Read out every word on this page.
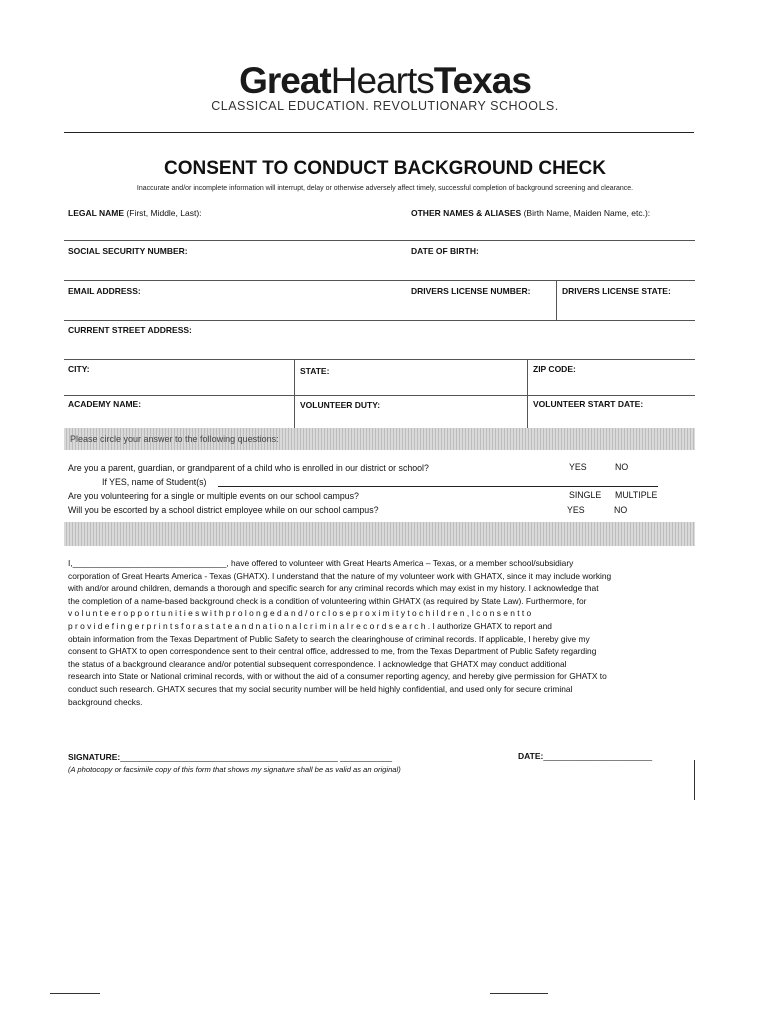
GreatHeartsTexas
CLASSICAL EDUCATION. REVOLUTIONARY SCHOOLS.
CONSENT TO CONDUCT BACKGROUND CHECK
Inaccurate and/or incomplete information will interrupt, delay or otherwise adversely affect timely, successful completion of background screening and clearance.
LEGAL NAME (First, Middle, Last):	OTHER NAMES & ALIASES (Birth Name, Maiden Name, etc.):
SOCIAL SECURITY NUMBER:	DATE OF BIRTH:
EMAIL ADDRESS:	DRIVERS LICENSE NUMBER:	DRIVERS LICENSE STATE:
CURRENT STREET ADDRESS:
CITY:	STATE:	ZIP CODE:
ACADEMY NAME:	VOLUNTEER DUTY:	VOLUNTEER START DATE:
Please circle your answer to the following questions:
Are you a parent, guardian, or grandparent of a child who is enrolled in our district or school?	YES	NO
If YES, name of Student(s)
Are you volunteering for a single or multiple events on our school campus?	SINGLE MULTIPLE
Will you be escorted by a school district employee while on our school campus?	YES	NO

I,_________________________________, have offered to volunteer with Great Hearts America – Texas, or a member school/subsidiary

corporation of Great Hearts America - Texas (GHATX). I understand that the nature of my volunteer work with GHATX, since it may include working

with and/or around children, demands a thorough and specific search for any criminal records which may exist in my history. I acknowledge that

the completion of a name-based background check is a condition of volunteering within GHATX (as required by State Law). Furthermore, for

v o l u n t e e r o p p o r t u n i t i e s w i t h p r o l o n g e d a n d / o r c l o s e p r o x i m i t y t o c h i l d r e n , I c o n s e n t t o

p r o v i d e f i n g e r p r i n t s f o r a s t a t e a n d n a t i o n a l c r i m i n a l r e c o r d s e a r c h . I authorize GHATX to report and

obtain information from the Texas Department of Public Safety to search the clearinghouse of criminal records. If applicable, I hereby give my

consent to GHATX to open correspondence sent to their central office, addressed to me, from the Texas Department of Public Safety regarding

the status of a background clearance and/or potential subsequent correspondence. I acknowledge that GHATX may conduct additional

research into State or National criminal records, with or without the aid of a consumer reporting agency, and hereby give permission for GHATX to

conduct such research. GHATX secures that my social security number will be held highly confidential, and used only for secure criminal

background checks.

SIGNATURE:______________________________________________ ___________
(A photocopy or facsimile copy of this form that shows my signature shall be as valid as an original)
DATE:_______________________
